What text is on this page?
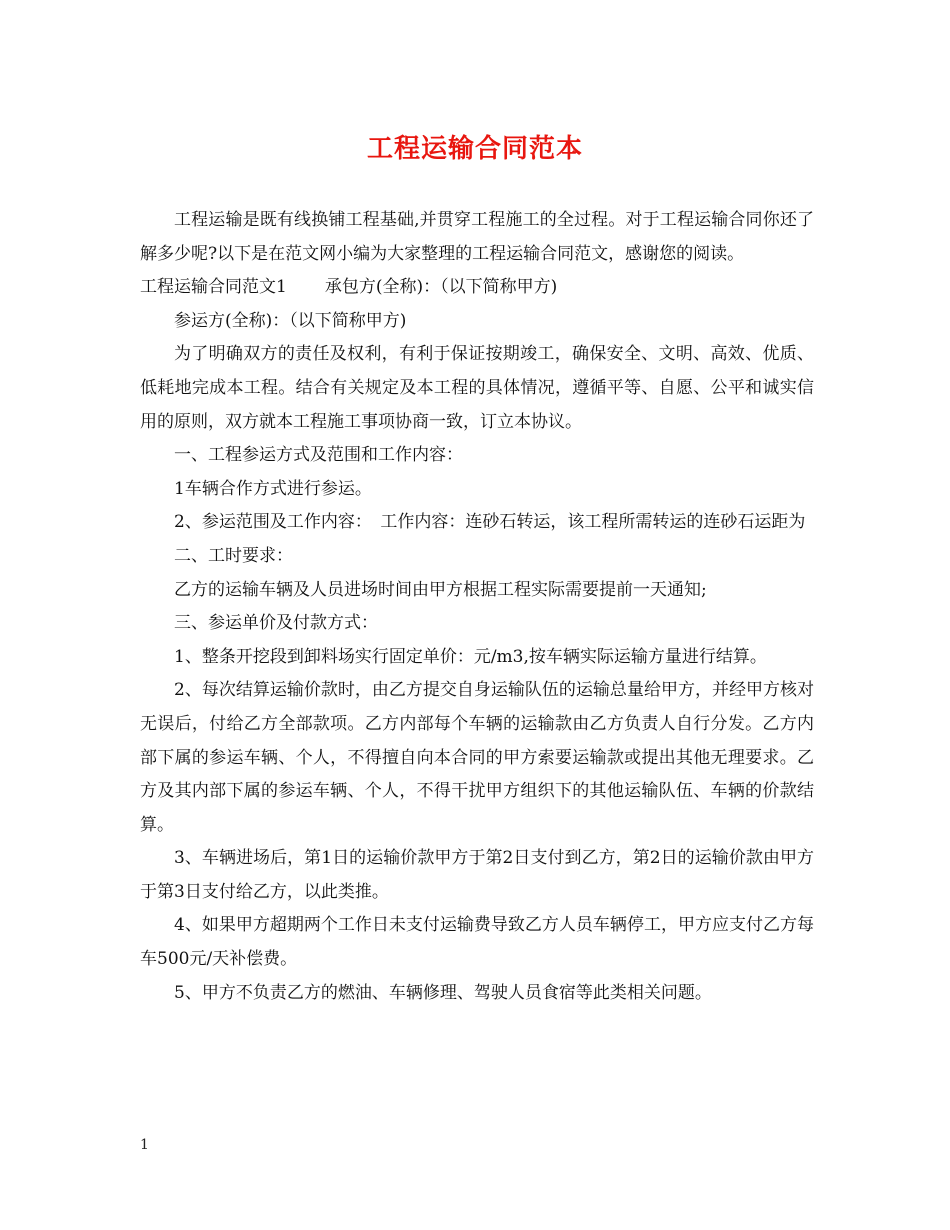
工程运输合同范本

工程运输是既有线换铺工程基础,并贯穿工程施工的全过程。对于工程运输合同你还了解多少呢?以下是在范文网小编为大家整理的工程运输合同范文，感谢您的阅读。

工程运输合同范文1 承包方(全称)：（以下简称甲方)

参运方(全称)：（以下简称甲方)

为了明确双方的责任及权利，有利于保证按期竣工，确保安全、文明、高效、优质、低耗地完成本工程。结合有关规定及本工程的具体情况，遵循平等、自愿、公平和诚实信用的原则，双方就本工程施工事项协商一致，订立本协议。

一、工程参运方式及范围和工作内容：

1车辆合作方式进行参运。

2、参运范围及工作内容：　工作内容：连砂石转运，该工程所需转运的连砂石运距为

二、工时要求：

乙方的运输车辆及人员进场时间由甲方根据工程实际需要提前一天通知;

三、参运单价及付款方式：

1、整条开挖段到卸料场实行固定单价：元/m3,按车辆实际运输方量进行结算。

2、每次结算运输价款时，由乙方提交自身运输队伍的运输总量给甲方，并经甲方核对无误后，付给乙方全部款项。乙方内部每个车辆的运输款由乙方负责人自行分发。乙方内部下属的参运车辆、个人，不得擅自向本合同的甲方索要运输款或提出其他无理要求。乙方及其内部下属的参运车辆、个人，不得干扰甲方组织下的其他运输队伍、车辆的价款结算。

3、车辆进场后，第1日的运输价款甲方于第2日支付到乙方，第2日的运输价款由甲方于第3日支付给乙方，以此类推。

4、如果甲方超期两个工作日未支付运输费导致乙方人员车辆停工，甲方应支付乙方每车500元/天补偿费。

5、甲方不负责乙方的燃油、车辆修理、驾驶人员食宿等此类相关问题。

1
